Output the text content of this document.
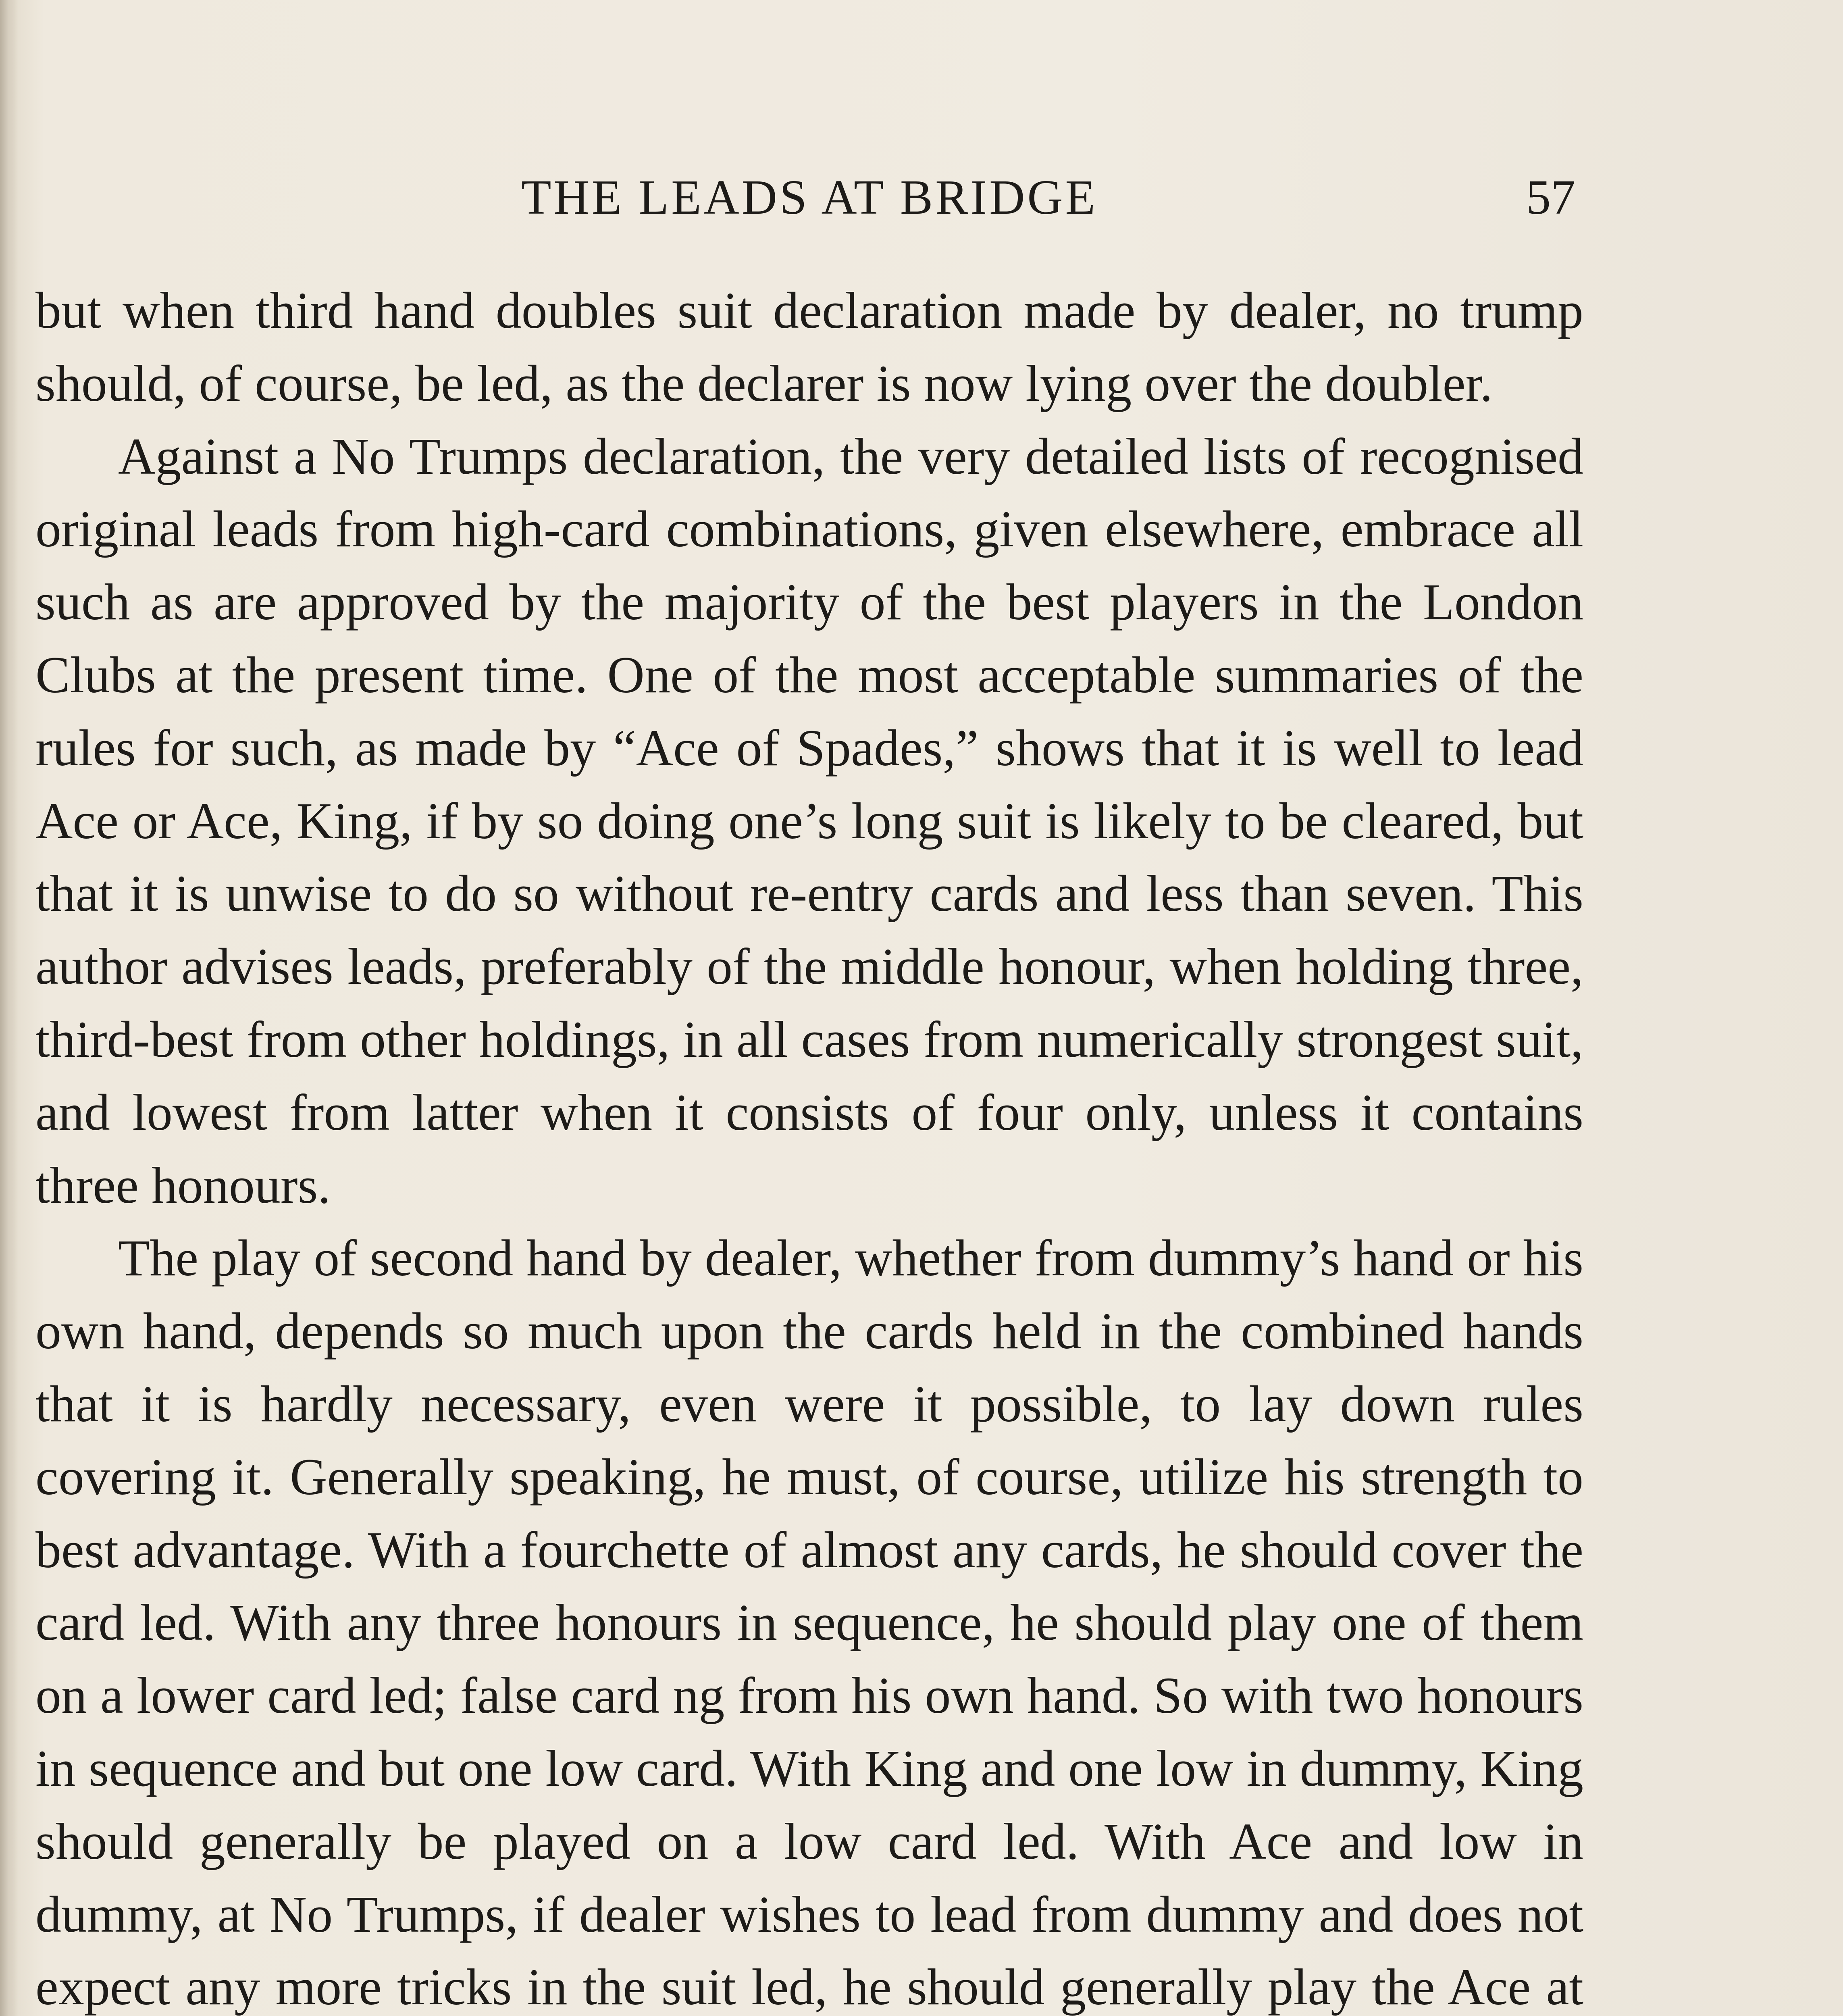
THE LEADS AT BRIDGE	57

but when third hand doubles suit declaration made by dealer, no trump should, of course, be led, as the declarer is now lying over the doubler.

Against a No Trumps declaration, the very detailed lists of recognised original leads from high-card combinations, given elsewhere, embrace all such as are approved by the majority of the best players in the London Clubs at the present time. One of the most acceptable summaries of the rules for such, as made by “Ace of Spades,” shows that it is well to lead Ace or Ace, King, if by so doing one’s long suit is likely to be cleared, but that it is unwise to do so without re-entry cards and less than seven. This author advises leads, preferably of the middle honour, when holding three, third-best from other holdings, in all cases from numerically strongest suit, and lowest from latter when it consists of four only, unless it contains three honours.

The play of second hand by dealer, whether from dummy’s hand or his own hand, depends so much upon the cards held in the combined hands that it is hardly necessary, even were it possible, to lay down rules covering it. Generally speaking, he must, of course, utilize his strength to best advantage. With a fourchette of almost any cards, he should cover the card led. With any three honours in sequence, he should play one of them on a lower card led; false card ng from his own hand. So with two honours in sequence and but one low card. With King and one low in dummy, King should generally be played on a low card led. With Ace and low in dummy, at No Trumps, if dealer wishes to lead from dummy and does not expect any more tricks in the suit led, he should generally play the Ace at
